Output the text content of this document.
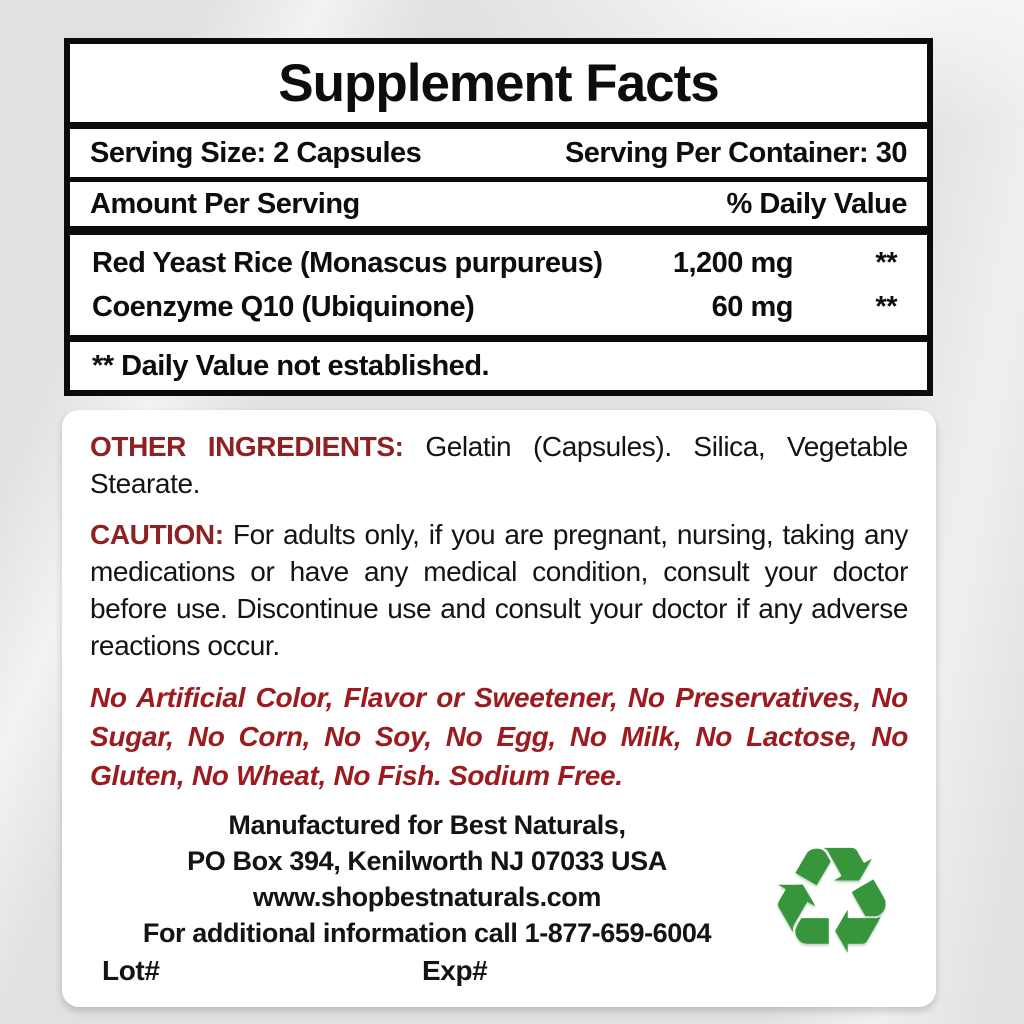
Supplement Facts
Serving Size: 2 Capsules	Serving Per Container: 30
Amount Per Serving	% Daily Value
Red Yeast Rice (Monascus purpureus)	1,200 mg	**
Coenzyme Q10 (Ubiquinone)	60 mg	**
** Daily Value not established.

OTHER INGREDIENTS: Gelatin (Capsules). Silica, Vegetable Stearate.

CAUTION: For adults only, if you are pregnant, nursing, taking any medications or have any medical condition, consult your doctor before use. Discontinue use and consult your doctor if any adverse reactions occur.

No Artificial Color, Flavor or Sweetener, No Preservatives, No Sugar, No Corn, No Soy, No Egg, No Milk, No Lactose, No Gluten, No Wheat, No Fish. Sodium Free.

Manufactured for Best Naturals,
PO Box 394, Kenilworth NJ 07033 USA
www.shopbestnaturals.com
For additional information call 1-877-659-6004
Lot#	Exp# ♻
